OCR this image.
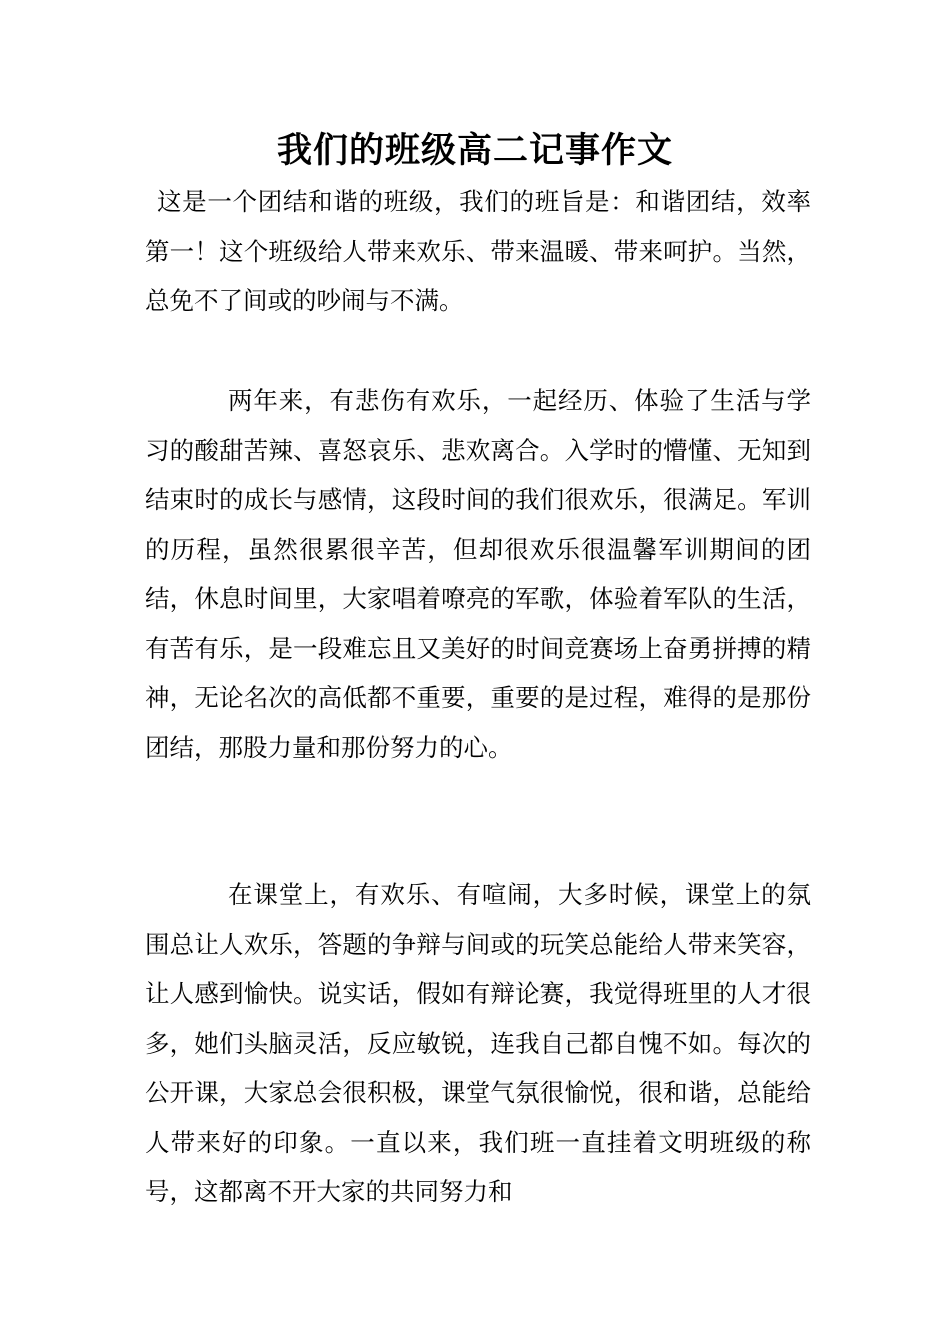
我们的班级高二记事作文

这是一个团结和谐的班级，我们的班旨是：和谐团结，效率第一！这个班级给人带来欢乐、带来温暖、带来呵护。当然，总免不了间或的吵闹与不满。

两年来，有悲伤有欢乐，一起经历、体验了生活与学习的酸甜苦辣、喜怒哀乐、悲欢离合。入学时的懵懂、无知到结束时的成长与感情，这段时间的我们很欢乐，很满足。军训的历程，虽然很累很辛苦，但却很欢乐很温馨军训期间的团结，休息时间里，大家唱着嘹亮的军歌，体验着军队的生活，有苦有乐，是一段难忘且又美好的时间竞赛场上奋勇拼搏的精神，无论名次的高低都不重要，重要的是过程，难得的是那份团结，那股力量和那份努力的心。

在课堂上，有欢乐、有喧闹，大多时候，课堂上的氛围总让人欢乐，答题的争辩与间或的玩笑总能给人带来笑容，让人感到愉快。说实话，假如有辩论赛，我觉得班里的人才很多，她们头脑灵活，反应敏锐，连我自己都自愧不如。每次的公开课，大家总会很积极，课堂气氛很愉悦，很和谐，总能给人带来好的印象。一直以来，我们班一直挂着文明班级的称号，这都离不开大家的共同努力和
